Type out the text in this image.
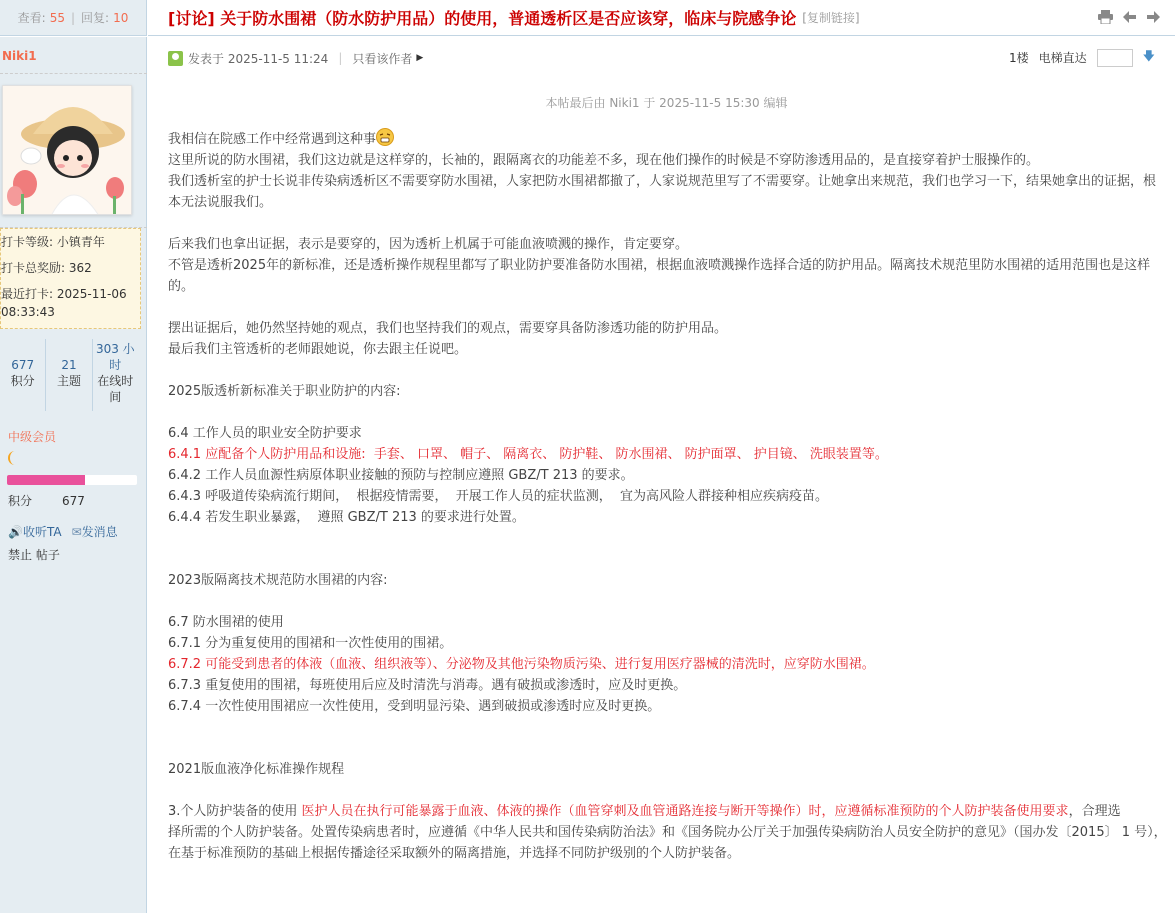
查看: 55 | 回复: 10 [讨论] 关于防水围裙（防水防护用品）的使用，普通透析区是否应该穿，临床与院感争论 [复制链接]
Niki1
打卡等级: 小镇青年
打卡总奖励: 362
最近打卡: 2025-11-06 08:33:43
677
积分
21
主题
303 小时
在线时间
中级会员
积分	677
🔊收听TA ✉发消息
禁止 帖子
发表于 2025-11-5 11:24 | 只看该作者 ▶	1楼 电梯直达	🡇
本帖最后由 Niki1 于 2025-11-5 15:30 编辑

我相信在院感工作中经常遇到这种事

这里所说的防水围裙，我们这边就是这样穿的，长袖的，跟隔离衣的功能差不多，现在他们操作的时候是不穿防渗透用品的，是直接穿着护士服操作的。

我们透析室的护士长说非传染病透析区不需要穿防水围裙，人家把防水围裙都撤了，人家说规范里写了不需要穿。让她拿出来规范，我们也学习一下，结果她拿出的证据，根本无法说服我们。

后来我们也拿出证据，表示是要穿的，因为透析上机属于可能血液喷溅的操作，肯定要穿。

不管是透析2025年的新标准，还是透析操作规程里都写了职业防护要准备防水围裙，根据血液喷溅操作选择合适的防护用品。隔离技术规范里防水围裙的适用范围也是这样的。

摆出证据后，她仍然坚持她的观点，我们也坚持我们的观点，需要穿具备防渗透功能的防护用品。

最后我们主管透析的老师跟她说，你去跟主任说吧。

2025版透析新标准关于职业防护的内容:

6.4 工作人员的职业安全防护要求

6.4.1 应配备个人防护用品和设施:  手套、 口罩、 帽子、 隔离衣、 防护鞋、 防水围裙、 防护面罩、 护目镜、 洗眼装置等。

6.4.2 工作人员血源性病原体职业接触的预防与控制应遵照 GBZ/T 213 的要求。

6.4.3 呼吸道传染病流行期间，  根据疫情需要，  开展工作人员的症状监测，  宜为高风险人群接种相应疾病疫苗。

6.4.4 若发生职业暴露，  遵照 GBZ/T 213 的要求进行处置。

2023版隔离技术规范防水围裙的内容:

6.7 防水围裙的使用

6.7.1 分为重复使用的围裙和一次性使用的围裙。

6.7.2 可能受到患者的体液（血液、组织液等）、分泌物及其他污染物质污染、进行复用医疗器械的清洗时，应穿防水围裙。

6.7.3 重复使用的围裙，每班使用后应及时清洗与消毒。遇有破损或渗透时，应及时更换。

6.7.4 一次性使用围裙应一次性使用，受到明显污染、遇到破损或渗透时应及时更换。

2021版血液净化标准操作规程

3.个人防护装备的使用 医护人员在执行可能暴露于血液、体液的操作（血管穿刺及血管通路连接与断开等操作）时，应遵循标准预防的个人防护装备使用要求，合理选

择所需的个人防护装备。处置传染病患者时，应遵循《中华人民共和国传染病防治法》和《国务院办公厅关于加强传染病防治人员安全防护的意见》（国办发〔2015〕 1 号），

在基于标准预防的基础上根据传播途径采取额外的隔离措施，并选择不同防护级别的个人防护装备。
